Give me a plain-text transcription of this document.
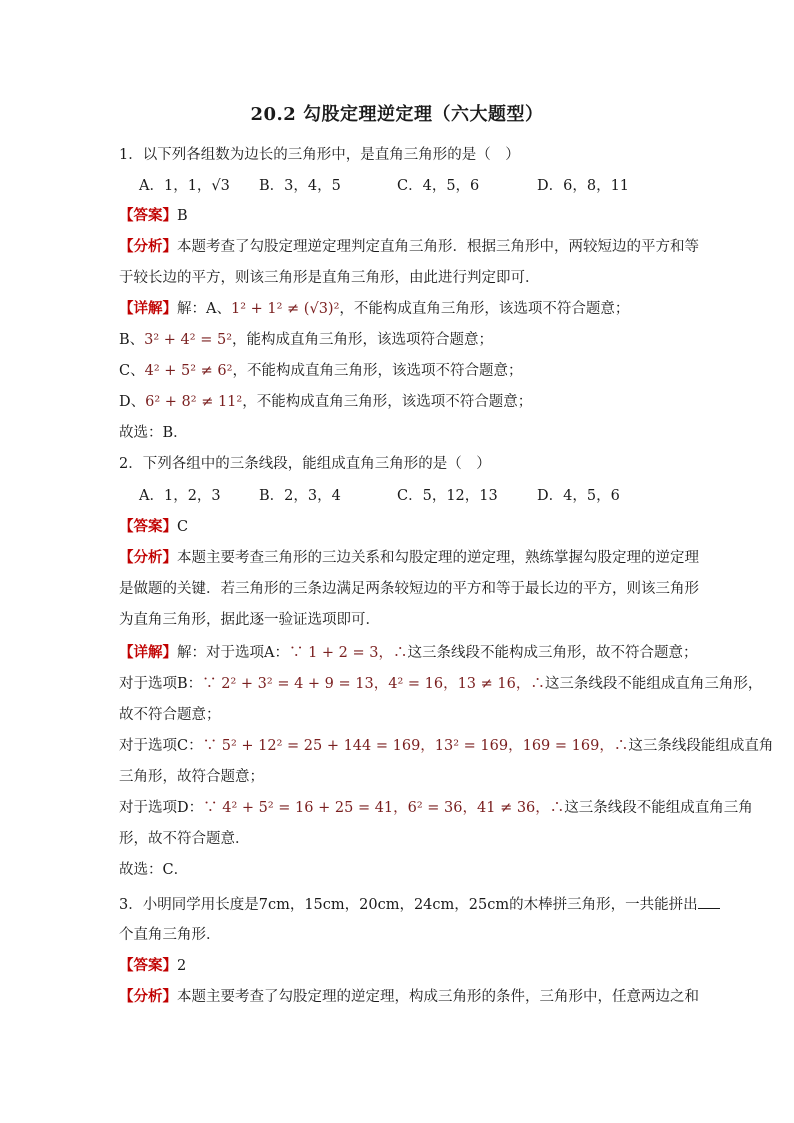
20.2 勾股定理逆定理（六大题型）
1．以下列各组数为边长的三角形中，是直角三角形的是（　）
A．1，1，√3 B．3，4，5	C．4，5，6	D．6，8，11
【答案】B
【分析】本题考查了勾股定理逆定理判定直角三角形．根据三角形中，两较短边的平方和等
于较长边的平方，则该三角形是直角三角形，由此进行判定即可．
【详解】解：A、1² + 1² ≠ (√3)²，不能构成直角三角形，该选项不符合题意；
B、3² + 4² = 5²，能构成直角三角形，该选项符合题意；
C、4² + 5² ≠ 6²，不能构成直角三角形，该选项不符合题意；
D、6² + 8² ≠ 11²，不能构成直角三角形，该选项不符合题意；
故选：B．
2．下列各组中的三条线段，能组成直角三角形的是（　）
A．1，2，3	B．2，3，4	C．5，12，13	D．4，5，6
【答案】C
【分析】本题主要考查三角形的三边关系和勾股定理的逆定理，熟练掌握勾股定理的逆定理
是做题的关键．若三角形的三条边满足两条较短边的平方和等于最长边的平方，则该三角形
为直角三角形，据此逐一验证选项即可．
【详解】解：对于选项A：∵ 1 + 2 = 3，∴这三条线段不能构成三角形，故不符合题意；
对于选项B：∵ 2² + 3² = 4 + 9 = 13，4² = 16，13 ≠ 16，∴这三条线段不能组成直角三角形，
故不符合题意；
对于选项C：∵ 5² + 12² = 25 + 144 = 169，13² = 169，169 = 169，∴这三条线段能组成直角
三角形，故符合题意；
对于选项D：∵ 4² + 5² = 16 + 25 = 41，6² = 36，41 ≠ 36，∴这三条线段不能组成直角三角
形，故不符合题意．
故选：C．
3．小明同学用长度是7cm，15cm，20cm，24cm，25cm的木棒拼三角形，一共能拼出
个直角三角形．
【答案】2
【分析】本题主要考查了勾股定理的逆定理，构成三角形的条件，三角形中，任意两边之和
